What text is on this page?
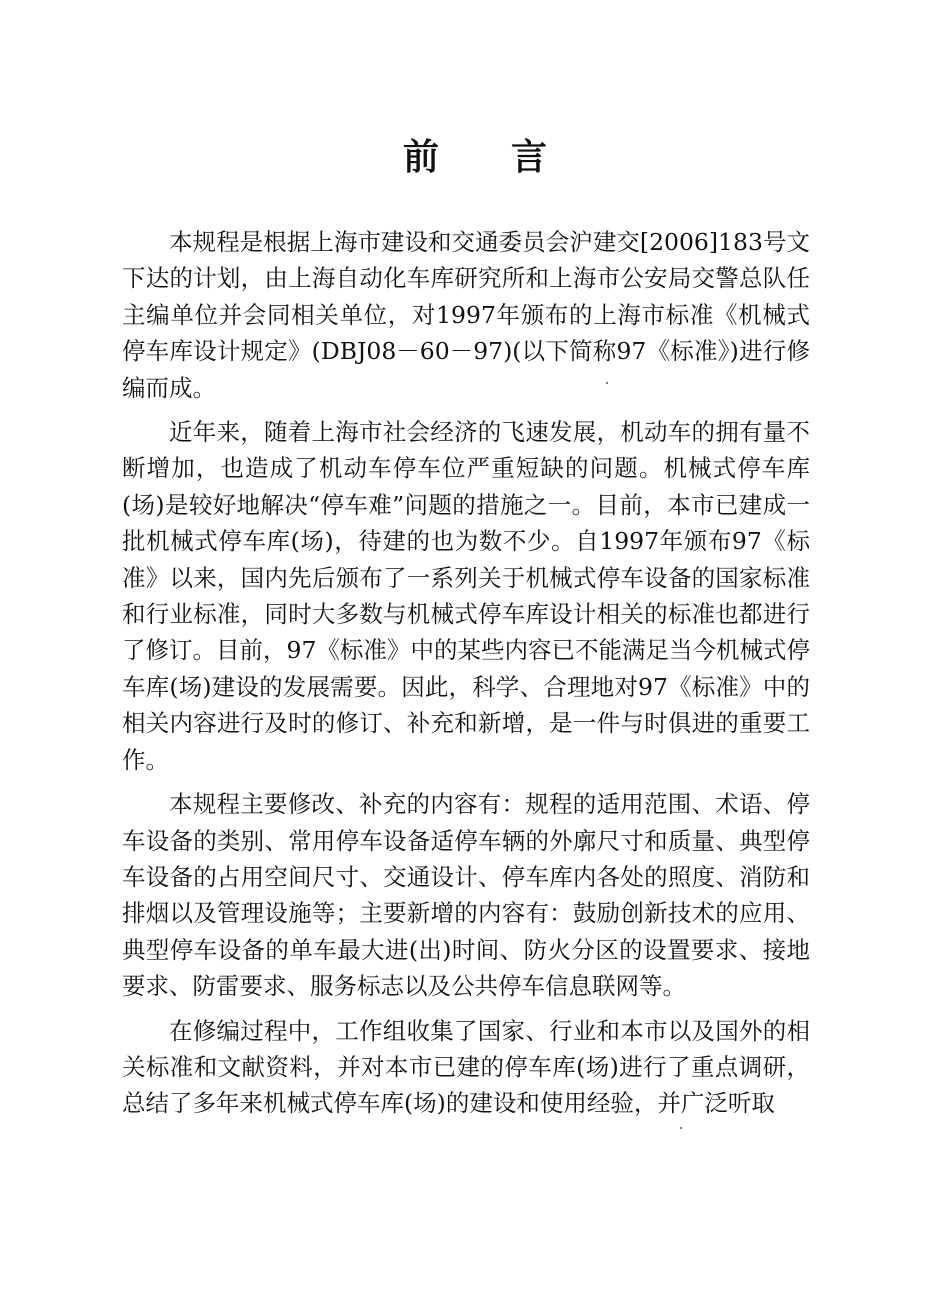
前言

本规程是根据上海市建设和交通委员会沪建交[2006]183号文下达的计划，由上海自动化车库研究所和上海市公安局交警总队任主编单位并会同相关单位，对1997年颁布的上海市标准《机械式停车库设计规定》(DBJ08－60－97)(以下简称97《标准》)进行修编而成。

近年来，随着上海市社会经济的飞速发展，机动车的拥有量不断增加，也造成了机动车停车位严重短缺的问题。机械式停车库(场)是较好地解决“停车难”问题的措施之一。目前，本市已建成一批机械式停车库(场)，待建的也为数不少。自1997年颁布97《标准》以来，国内先后颁布了一系列关于机械式停车设备的国家标准和行业标准，同时大多数与机械式停车库设计相关的标准也都进行了修订。目前，97《标准》中的某些内容已不能满足当今机械式停车库(场)建设的发展需要。因此，科学、合理地对97《标准》中的相关内容进行及时的修订、补充和新增，是一件与时俱进的重要工作。

本规程主要修改、补充的内容有：规程的适用范围、术语、停车设备的类别、常用停车设备适停车辆的外廓尺寸和质量、典型停车设备的占用空间尺寸、交通设计、停车库内各处的照度、消防和排烟以及管理设施等；主要新增的内容有：鼓励创新技术的应用、典型停车设备的单车最大进(出)时间、防火分区的设置要求、接地要求、防雷要求、服务标志以及公共停车信息联网等。

在修编过程中，工作组收集了国家、行业和本市以及国外的相关标准和文献资料，并对本市已建的停车库(场)进行了重点调研，总结了多年来机械式停车库(场)的建设和使用经验，并广泛听取
